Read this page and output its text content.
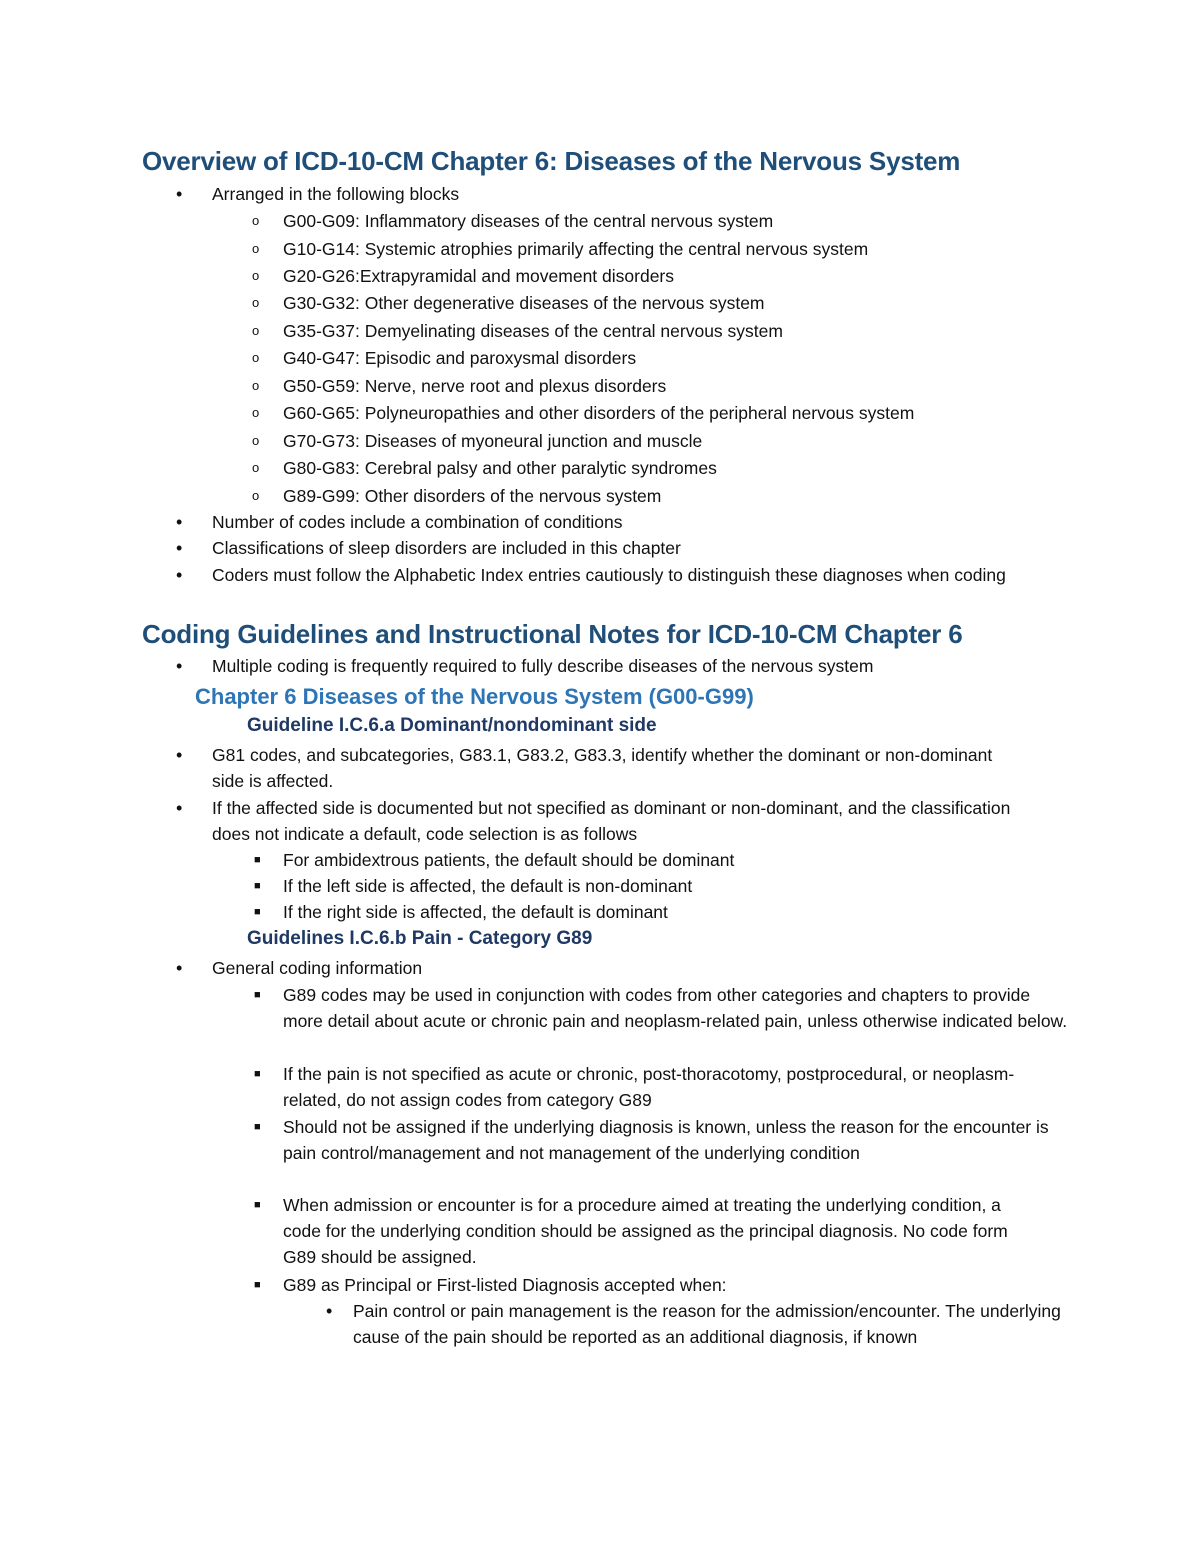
Overview of ICD-10-CM Chapter 6: Diseases of the Nervous System
• Arranged in the following blocks
o G00-G09: Inflammatory diseases of the central nervous system
o G10-G14: Systemic atrophies primarily affecting the central nervous system
o G20-G26:Extrapyramidal and movement disorders
o G30-G32: Other degenerative diseases of the nervous system
o G35-G37: Demyelinating diseases of the central nervous system
o G40-G47: Episodic and paroxysmal disorders
o G50-G59: Nerve, nerve root and plexus disorders
o G60-G65: Polyneuropathies and other disorders of the peripheral nervous system
o G70-G73: Diseases of myoneural junction and muscle
o G80-G83: Cerebral palsy and other paralytic syndromes
o G89-G99: Other disorders of the nervous system
• Number of codes include a combination of conditions
• Classifications of sleep disorders are included in this chapter
• Coders must follow the Alphabetic Index entries cautiously to distinguish these diagnoses when coding
Coding Guidelines and Instructional Notes for ICD-10-CM Chapter 6
• Multiple coding is frequently required to fully describe diseases of the nervous system
Chapter 6 Diseases of the Nervous System (G00-G99)
Guideline I.C.6.a Dominant/nondominant side
• G81 codes, and subcategories, G83.1, G83.2, G83.3, identify whether the dominant or non-dominant side is affected.
• If the affected side is documented but not specified as dominant or non-dominant, and the classification does not indicate a default, code selection is as follows
■ For ambidextrous patients, the default should be dominant
■ If the left side is affected, the default is non-dominant
■ If the right side is affected, the default is dominant
Guidelines I.C.6.b Pain - Category G89
• General coding information
■ G89 codes may be used in conjunction with codes from other categories and chapters to provide more detail about acute or chronic pain and neoplasm-related pain, unless otherwise indicated below.
■ If the pain is not specified as acute or chronic, post-thoracotomy, postprocedural, or neoplasm-related, do not assign codes from category G89
■ Should not be assigned if the underlying diagnosis is known, unless the reason for the encounter is pain control/management and not management of the underlying condition
■ When admission or encounter is for a procedure aimed at treating the underlying condition, a code for the underlying condition should be assigned as the principal diagnosis. No code form G89 should be assigned.
■ G89 as Principal or First-listed Diagnosis accepted when:
• Pain control or pain management is the reason for the admission/encounter. The underlying cause of the pain should be reported as an additional diagnosis, if known
